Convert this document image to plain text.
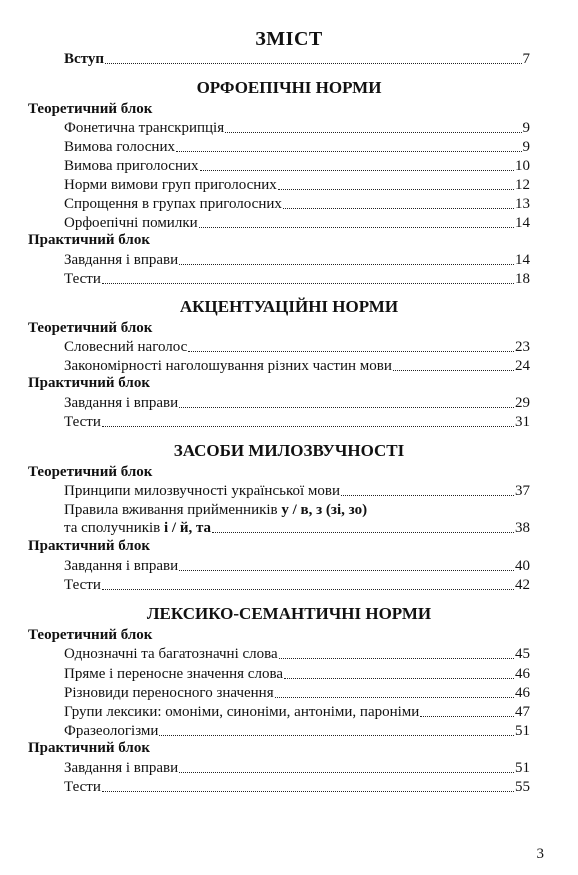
ЗМІСТ
Вступ	7
ОРФОЕПІЧНІ НОРМИ
Теоретичний блок
Фонетична транскрипція	9
Вимова голосних	9
Вимова приголосних	10
Норми вимови груп приголосних	12
Спрощення в групах приголосних	13
Орфоепічні помилки	14
Практичний блок
Завдання і вправи	14
Тести	18
АКЦЕНТУАЦІЙНІ НОРМИ
Теоретичний блок
Словесний наголос	23
Закономірності наголошування різних частин мови	24
Практичний блок
Завдання і вправи	29
Тести	31
ЗАСОБИ МИЛОЗВУЧНОСТІ
Теоретичний блок
Принципи милозвучності української мови	37
Правила вживання прийменників у / в, з (зі, зо)
та сполучників і / й, та	38
Практичний блок
Завдання і вправи	40
Тести	42
ЛЕКСИКО-СЕМАНТИЧНІ НОРМИ
Теоретичний блок
Однозначні та багатозначні слова	45
Пряме і переносне значення слова	46
Різновиди переносного значення	46
Групи лексики: омоніми, синоніми, антоніми, пароніми	47
Фразеологізми	51
Практичний блок
Завдання і вправи	51
Тести	55
3
